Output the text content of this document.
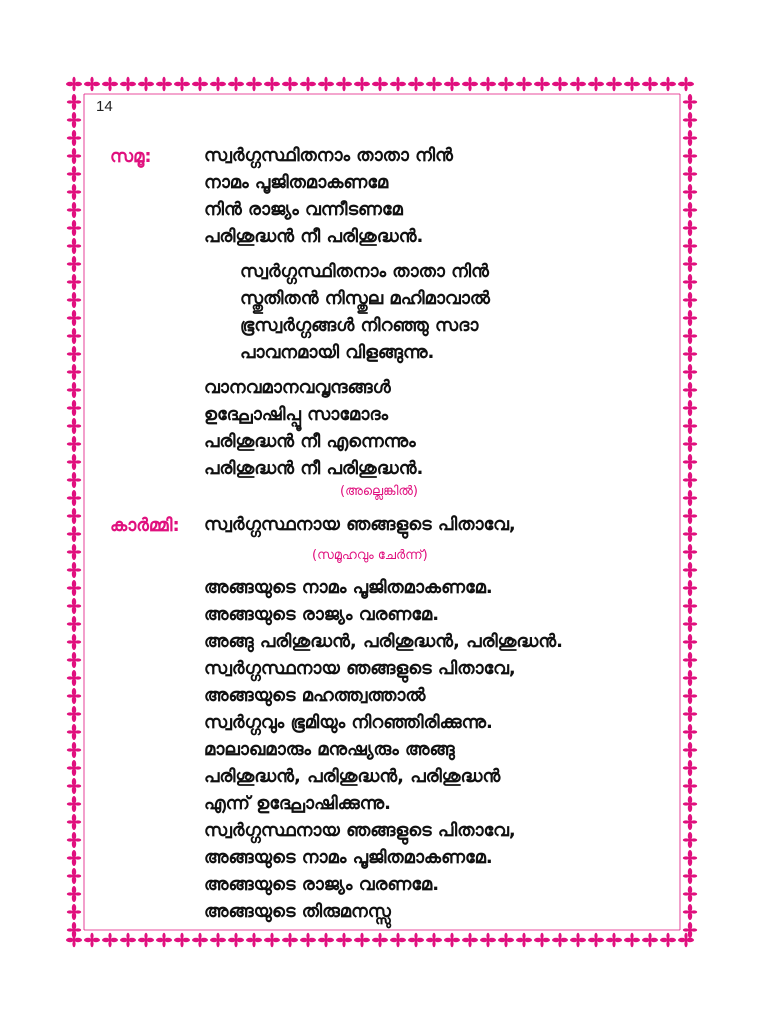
14
സമൂ:	സ്വർഗ്ഗസ്ഥിതനാം താതാ നിൻ
നാമം പൂജിതമാകണമേ
നിൻ രാജ്യം വന്നീടണമേ
പരിശുദ്ധൻ നീ പരിശുദ്ധൻ.
സ്വർഗ്ഗസ്ഥിതനാം താതാ നിൻ
സ്തുതിതൻ നിസ്തുല മഹിമാവാൽ
ഭൂസ്വർഗ്ഗങ്ങൾ നിറഞ്ഞു സദാ
പാവനമായി വിളങ്ങുന്നു.
വാനവമാനവവൃന്ദങ്ങൾ
ഉദ്ഘോഷിപ്പൂ സാമോദം
പരിശുദ്ധൻ നീ എന്നെന്നും
പരിശുദ്ധൻ നീ പരിശുദ്ധൻ.
(അല്ലെങ്കിൽ)
കാർമ്മി: സ്വർഗ്ഗസ്ഥനായ ഞങ്ങളുടെ പിതാവേ,
(സമൂഹവും ചേർന്ന്)
അങ്ങയുടെ നാമം പൂജിതമാകണമേ.
അങ്ങയുടെ രാജ്യം വരണമേ.
അങ്ങു പരിശുദ്ധൻ, പരിശുദ്ധൻ, പരിശുദ്ധൻ.
സ്വർഗ്ഗസ്ഥനായ ഞങ്ങളുടെ പിതാവേ,
അങ്ങയുടെ മഹത്ത്വത്താൽ
സ്വർഗ്ഗവും ഭൂമിയും നിറഞ്ഞിരിക്കുന്നു.
മാലാഖമാരും മനുഷ്യരും അങ്ങു
പരിശുദ്ധൻ, പരിശുദ്ധൻ, പരിശുദ്ധൻ
എന്ന് ഉദ്ഘോഷിക്കുന്നു.
സ്വർഗ്ഗസ്ഥനായ ഞങ്ങളുടെ പിതാവേ,
അങ്ങയുടെ നാമം പൂജിതമാകണമേ.
അങ്ങയുടെ രാജ്യം വരണമേ.
അങ്ങയുടെ തിരുമനസ്സു
